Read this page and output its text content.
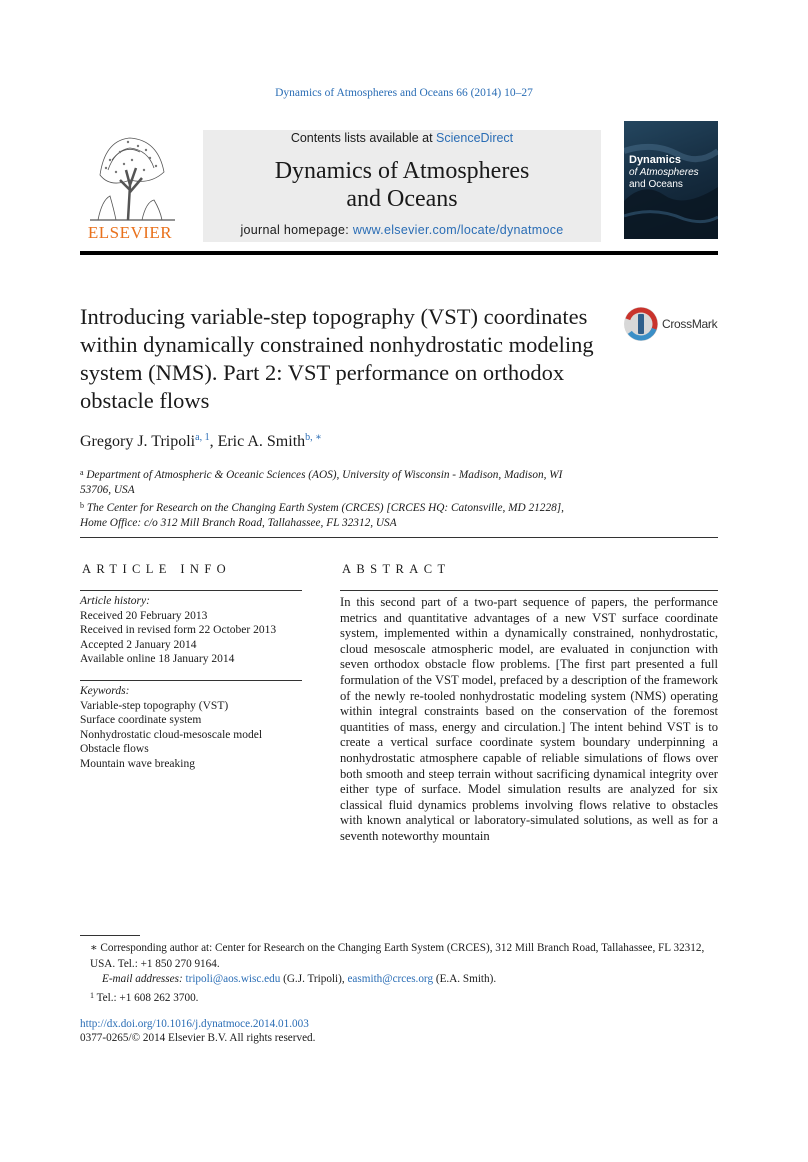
Dynamics of Atmospheres and Oceans 66 (2014) 10–27
ELSEVIER
Contents lists available at ScienceDirect
Dynamics of Atmospheres
and Oceans
journal homepage: www.elsevier.com/locate/dynatmoce
Dynamics
of Atmospheres
and Oceans
Introducing variable-step topography (VST) coordinates within dynamically constrained nonhydrostatic modeling system (NMS). Part 2: VST performance on orthodox obstacle flows
CrossMark
Gregory J. Tripoli$^{a, 1}$, Eric A. Smith$^{b, ∗}$
$^a$ Department of Atmospheric & Oceanic Sciences (AOS), University of Wisconsin - Madison, Madison, WI 53706, USA
$^b$ The Center for Research on the Changing Earth System (CRCES) [CRCES HQ: Catonsville, MD 21228], Home Office: c/o 312 Mill Branch Road, Tallahassee, FL 32312, USA
ARTICLE INFO
Article history:
Received 20 February 2013
Received in revised form 22 October 2013
Accepted 2 January 2014
Available online 18 January 2014
Keywords:
Variable-step topography (VST)
Surface coordinate system
Nonhydrostatic cloud-mesoscale model
Obstacle flows
Mountain wave breaking
ABSTRACT
In this second part of a two-part sequence of papers, the performance metrics and quantitative advantages of a new VST surface coordinate system, implemented within a dynamically constrained, nonhydrostatic, cloud mesoscale atmospheric model, are evaluated in conjunction with seven orthodox obstacle flow problems. [The first part presented a full formulation of the VST model, prefaced by a description of the framework of the newly re-tooled nonhydrostatic modeling system (NMS) operating within integral constraints based on the conservation of the foremost quantities of mass, energy and circulation.] The intent behind VST is to create a vertical surface coordinate system boundary underpinning a nonhydrostatic atmosphere capable of reliable simulations of flows over both smooth and steep terrain without sacrificing dynamical integrity over either type of surface. Model simulation results are analyzed for six classical fluid dynamics problems involving flows relative to obstacles with known analytical or laboratory-simulated solutions, as well as for a seventh noteworthy mountain
∗ Corresponding author at: Center for Research on the Changing Earth System (CRCES), 312 Mill Branch Road, Tallahassee, FL 32312, USA. Tel.: +1 850 270 9164.
E-mail addresses: tripoli@aos.wisc.edu (G.J. Tripoli), easmith@crces.org (E.A. Smith).
$^1$ Tel.: +1 608 262 3700.
http://dx.doi.org/10.1016/j.dynatmoce.2014.01.003
0377-0265/© 2014 Elsevier B.V. All rights reserved.
